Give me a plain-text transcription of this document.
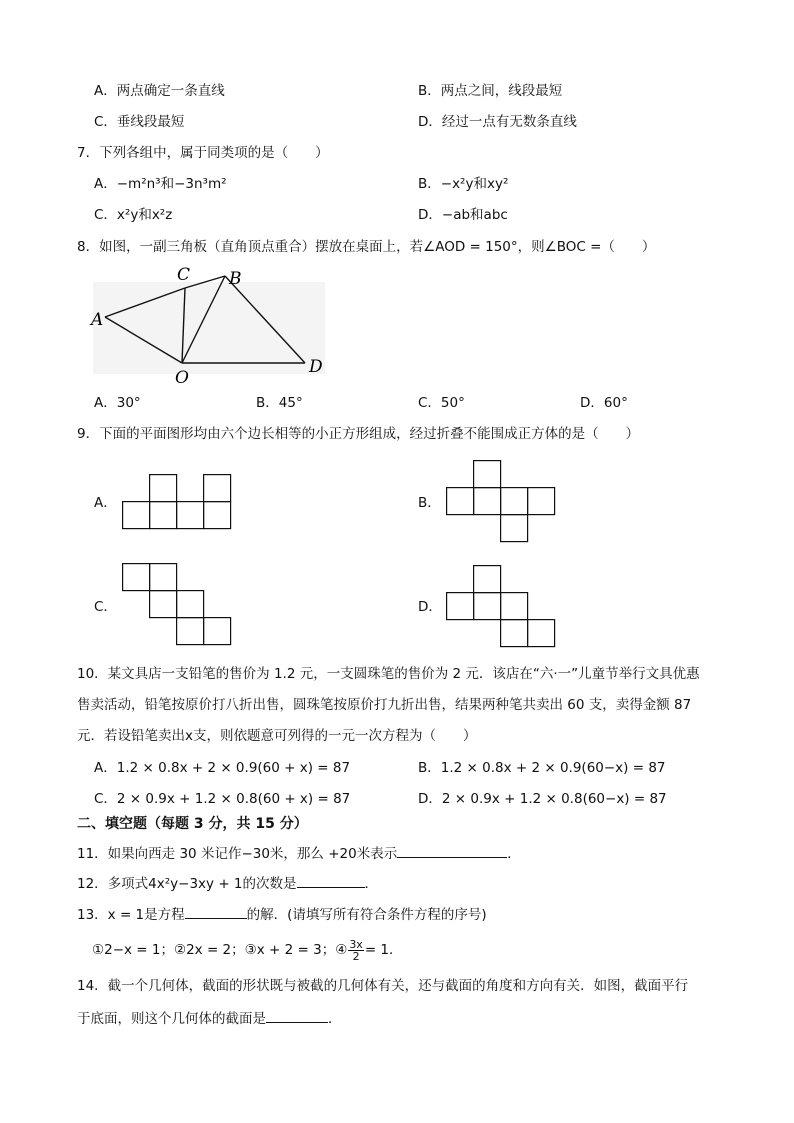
A．两点确定一条直线	B．两点之间，线段最短
C．垂线段最短	D．经过一点有无数条直线
7．下列各组中，属于同类项的是（　　）
A．−m²n³和−3n³m²	B．−x²y和xy²
C．x²y和x²z	D．−ab和abc
8．如图，一副三角板（直角顶点重合）摆放在桌面上，若∠AOD = 150°，则∠BOC =（　　）
A
C B
O
D
A．30°	B．45°	C．50°	D．60°
9．下面的平面图形均由六个边长相等的小正方形组成，经过折叠不能围成正方体的是（　　）
A．	B．
C．	D．
10．某文具店一支铅笔的售价为 1.2 元，一支圆珠笔的售价为 2 元．该店在“六·一”儿童节举行文具优惠
售卖活动，铅笔按原价打八折出售，圆珠笔按原价打九折出售，结果两种笔共卖出 60 支，卖得金额 87
元．若设铅笔卖出x支，则依题意可列得的一元一次方程为（　　）
A．1.2 × 0.8x + 2 × 0.9(60 + x) = 87	B．1.2 × 0.8x + 2 × 0.9(60−x) = 87
C．2 × 0.9x + 1.2 × 0.8(60 + x) = 87	D．2 × 0.9x + 1.2 × 0.8(60−x) = 87
二、填空题（每题 3 分，共 15 分）
11．如果向西走 30 米记作−30米，那么 +20米表示	．
12．多项式4x²y−3xy + 1的次数是	．
13．x = 1是方程	的解．(请填写所有符合条件方程的序号)
①2−x = 1；②2x = 2；③x + 2 = 3；④ $\frac{3x}{2} = 1$．
14．截一个几何体，截面的形状既与被截的几何体有关，还与截面的角度和方向有关．如图，截面平行
于底面，则这个几何体的截面是	．
